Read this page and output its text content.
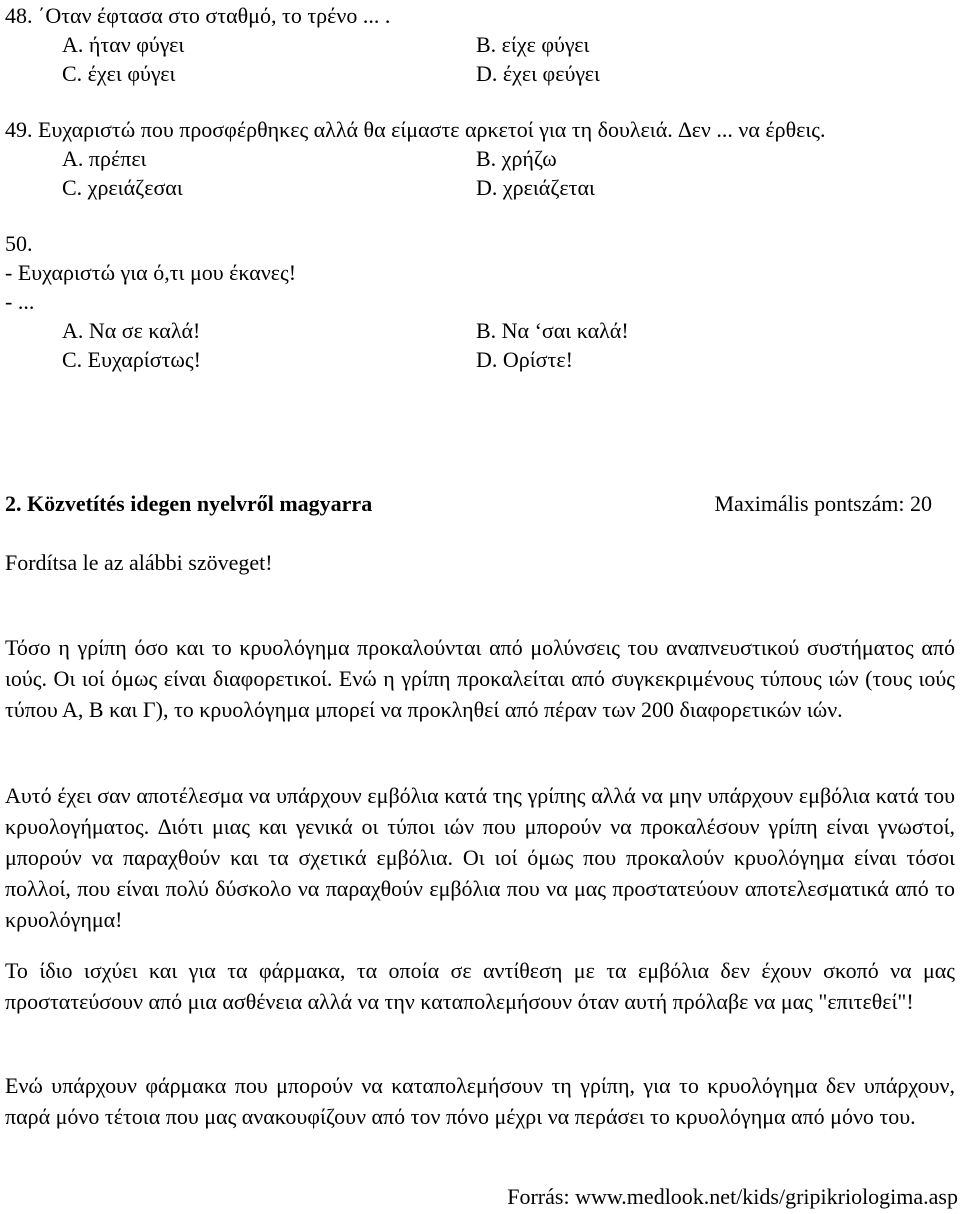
48. ΄Οταν έφτασα στο σταθμό, το τρένο ... .
A. ήταν φύγει	B. είχε φύγει
C. έχει φύγει	D. έχει φεύγει
49. Ευχαριστώ που προσφέρθηκες αλλά θα είμαστε αρκετοί για τη δουλειά. ∆εν ... να έρθεις.
A. πρέπει	B. χρήζω
C. χρειάζεσαι	D. χρειάζεται
50.
- Ευχαριστώ για ό,τι μου έκανες!
- ...
A. Να σε καλά!	B. Να ‘σαι καλά!
C. Ευχαρίστως!	D. Ορίστε!
2. Közvetítés idegen nyelvről magyarra	Maximális pontszám: 20
Fordítsa le az alábbi szöveget!

Τόσο η γρίπη όσο και το κρυολόγημα προκαλούνται από μολύνσεις του αναπνευστικού συστήματος από ιούς. Οι ιοί όμως είναι διαφορετικοί. Ενώ η γρίπη προκαλείται από συγκεκριμένους τύπους ιών (τους ιούς τύπου Α, Β και Γ), το κρυολόγημα μπορεί να προκληθεί από πέραν των 200 διαφορετικών ιών.

Αυτό έχει σαν αποτέλεσμα να υπάρχουν εμβόλια κατά της γρίπης αλλά να μην υπάρχουν εμβόλια κατά του κρυολογήματος. ∆ιότι μιας και γενικά οι τύποι ιών που μπορούν να προκαλέσουν γρίπη είναι γνωστοί, μπορούν να παραχθούν και τα σχετικά εμβόλια. Οι ιοί όμως που προκαλούν κρυολόγημα είναι τόσοι πολλοί, που είναι πολύ δύσκολο να παραχθούν εμβόλια που να μας προστατεύουν αποτελεσματικά από το κρυολόγημα!

Το ίδιο ισχύει και για τα φάρμακα, τα οποία σε αντίθεση με τα εμβόλια δεν έχουν σκοπό να μας προστατεύσουν από μια ασθένεια αλλά να την καταπολεμήσουν όταν αυτή πρόλαβε να μας "επιτεθεί"!

Ενώ υπάρχουν φάρμακα που μπορούν να καταπολεμήσουν τη γρίπη, για το κρυολόγημα δεν υπάρχουν, παρά μόνο τέτοια που μας ανακουφίζουν από τον πόνο μέχρι να περάσει το κρυολόγημα από μόνο του.

Forrás: www.medlook.net/kids/gripikriologima.asp
